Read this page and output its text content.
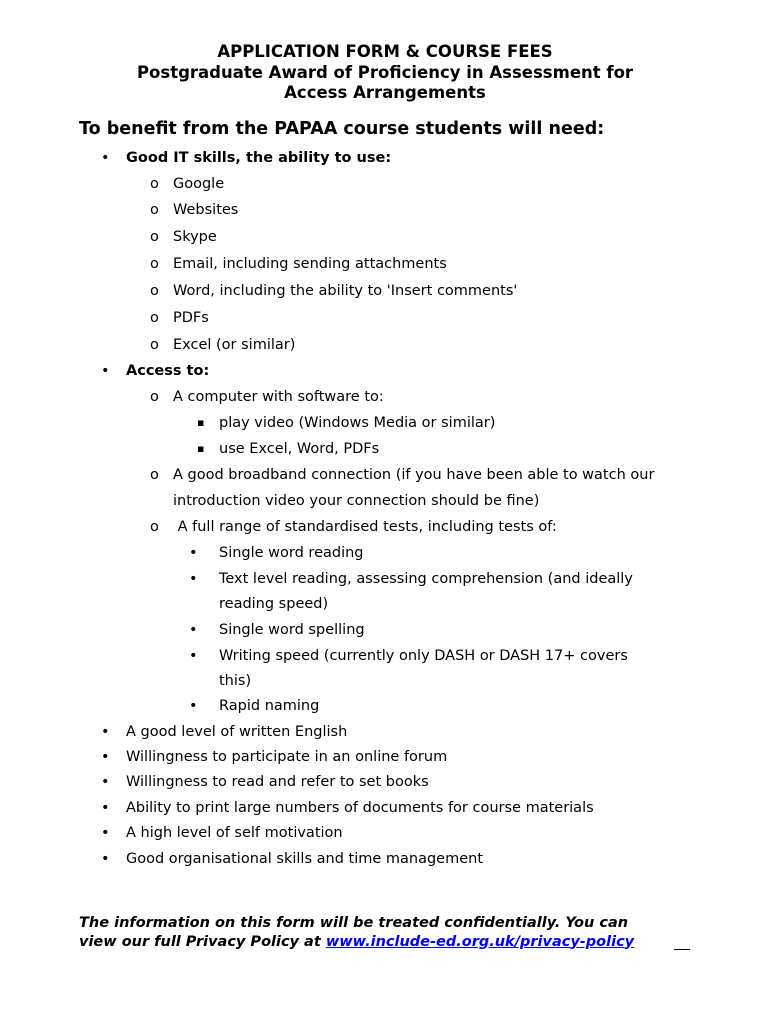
APPLICATION FORM & COURSE FEES
Postgraduate Award of Proficiency in Assessment for
Access Arrangements
To benefit from the PAPAA course students will need:
• Good IT skills, the ability to use:
o Google
o Websites
o Skype
o Email, including sending attachments
o Word, including the ability to 'Insert comments'
o PDFs
o Excel (or similar)
• Access to:
o A computer with software to:
▪ play video (Windows Media or similar)
▪ use Excel, Word, PDFs
o A good broadband connection (if you have been able to watch our
introduction video your connection should be fine)
o A full range of standardised tests, including tests of:
• Single word reading
• Text level reading, assessing comprehension (and ideally
reading speed)
• Single word spelling
• Writing speed (currently only DASH or DASH 17+ covers
this)
• Rapid naming
• A good level of written English
• Willingness to participate in an online forum
• Willingness to read and refer to set books
• Ability to print large numbers of documents for course materials
• A high level of self motivation
• Good organisational skills and time management
The information on this form will be treated confidentially. You can
view our full Privacy Policy at www.include-ed.org.uk/privacy-policy
